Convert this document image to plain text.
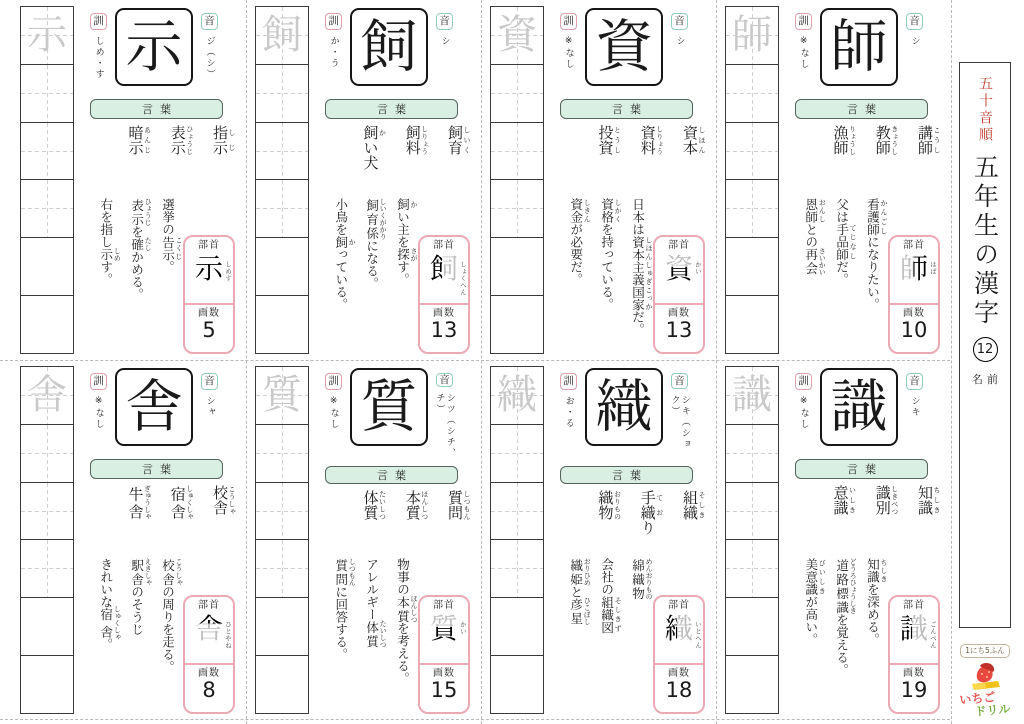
示	訓
しめ・す 示	音
ジ（シ）
言葉
指示 しじ
表示 ひょうじ
暗示 あんじ
選挙の告示 こくじ。
表示 ひょうじを確 たしかめる。
右を指し示 しめす。
部首
示 しめす
画数
5
飼	訓
か・う 飼	音
シ
言葉
飼育 しいく
飼料 しりょう
飼 かい犬
飼 かい主を探 さがす。
飼育係 しいくがかりになる。
小鳥を飼 かっている。
部首
飼 しょくへん
画数
13
資	訓
※なし 資	音
シ
言葉
資本 しほん
資料 しりょう
投資 とうし
日本は資本主義国家 しほんしゅぎこっかだ。
資格 しかくを持っている。
資金 しきんが必要だ。	部首
資 かい
画数
13
師	訓
※なし 師	音
シ
言葉
講師 こうし
教師 きょうし
漁師 りょうし
看護師 かんごしになりたい。
父は手品師 てじなしだ。
恩師 おんしとの再会 さいかい
部首
師 はば
画数
10
舎	訓
※なし 舎	音
シャ
言葉
校舎 こうしゃ
宿舎 しゅくしゃ
牛舎 ぎゅうしゃ
校舎 こうしゃの周りを走る。
駅舎 えきしゃのそうじ
きれいな宿舎 しゅくしゃ。
部首
舎 ひとやね
画数
8
質	訓
※なし 質	音
シツ（シチ、チ）
言葉
質問 しつもん
本質 ほんしつ
体質 たいしつ
物事の本質 ほんしつを考える。
アレルギー体質 たいしつ
質問 しつもんに回答する。	部首
質 かい
画数
15
織	訓
お・る 織	音
シキ（ショク）
言葉
組織 そしき
手織 ており
織物 おりもの
綿織物 めんおりもの
会社の組織図 そしきず
織姫 おりひめと彦星 ひこぼし	部首
織 いとへん
画数
18
識	訓
※なし 識	音
シキ
言葉
知識 ちしき
識別 しきべつ
意識 いしき
知識 ちしきを深める。
道路標識 どうろひょうしきを覚える。
美意識 びいしきが高い。	部首
識 ごんべん
画数
19
五十音順
五年生の漢字
12
名前
1にち5ふん
いちご
ドリル
